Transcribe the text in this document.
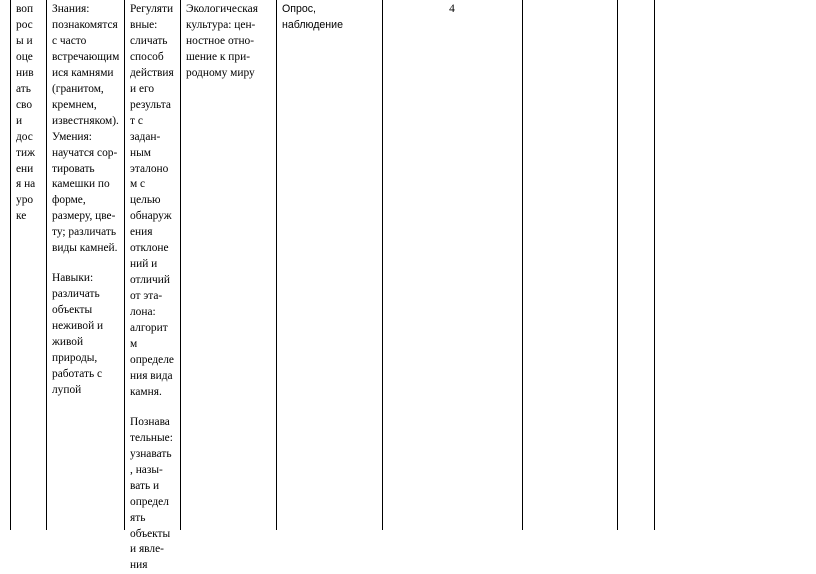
воп

рос

ы и

оце

нив

ать

сво

и

дос

тиж

ени

я на

уро

ке

Знания:

познакомятся

с часто

встречающим

ися камнями

(гранитом,

кремнем,

известняком).

Умения:

научатся сор-

тировать

камешки по

форме,

размеру, цве-

ту; различать

виды камней.

Навыки:

различать

объекты

неживой и

живой

природы,

работать с

лупой

Регуляти

вные:

сличать

способ

действия

и его

результа

т с

задан-

ным

эталоно

м с

целью

обнаруж

ения

отклоне

ний и

отличий

от эта-

лона:

алгорит

м

определе

ния вида

камня.

Познава

тельные:

узнавать

, назы-

вать и

определ

ять

объекты

и явле-

ния

Экологическая

культура: цен-

ностное отно-

шение к при-

родному миру

Опрос,

наблюдение

4
